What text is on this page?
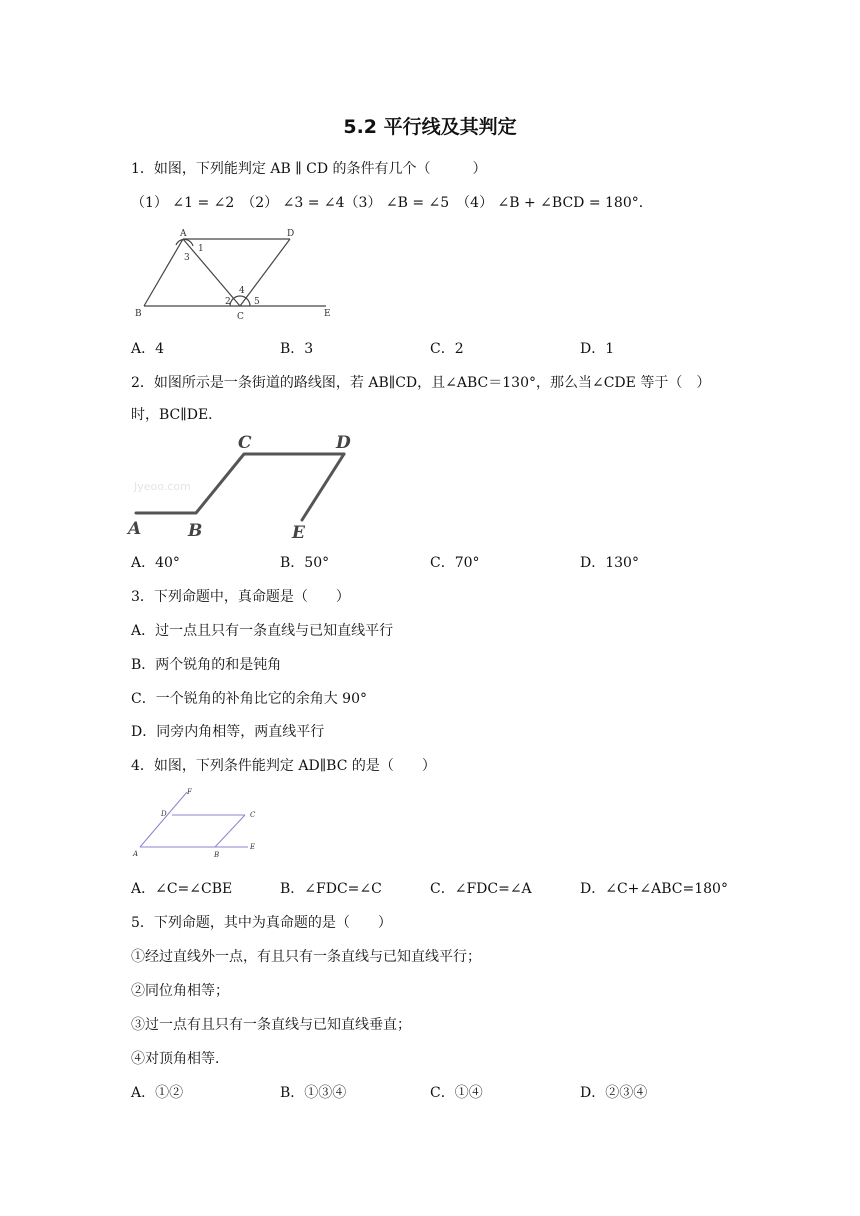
5.2 平行线及其判定
1．如图，下列能判定 AB ∥ CD 的条件有几个（　　　）
（1） ∠1 = ∠2　（2） ∠3 = ∠4（3） ∠B = ∠5　（4） ∠B + ∠BCD = 180°．
A	D
B	C	E
1
3
2
4
5
A．4	B．3	C．2	D．1
2．如图所示是一条街道的路线图，若 AB∥CD，且∠ABC＝130°，那么当∠CDE 等于（　）
时，BC∥DE．
Jyeoo.com
A	B
C	D
E
A．40°	B．50°	C．70°	D．130°
3．下列命题中，真命题是（　　）
A．过一点且只有一条直线与已知直线平行
B．两个锐角的和是钝角
C．一个锐角的补角比它的余角大 90°
D．同旁内角相等，两直线平行
4．如图，下列条件能判定 AD∥BC 的是（　　）
A	B
C
D
E
F
A．∠C=∠CBE	B．∠FDC=∠C	C．∠FDC=∠A	D．∠C+∠ABC=180°
5．下列命题，其中为真命题的是（　　）
①经过直线外一点，有且只有一条直线与已知直线平行；
②同位角相等；
③过一点有且只有一条直线与已知直线垂直；
④对顶角相等．
A．①②	B．①③④	C．①④	D．②③④
